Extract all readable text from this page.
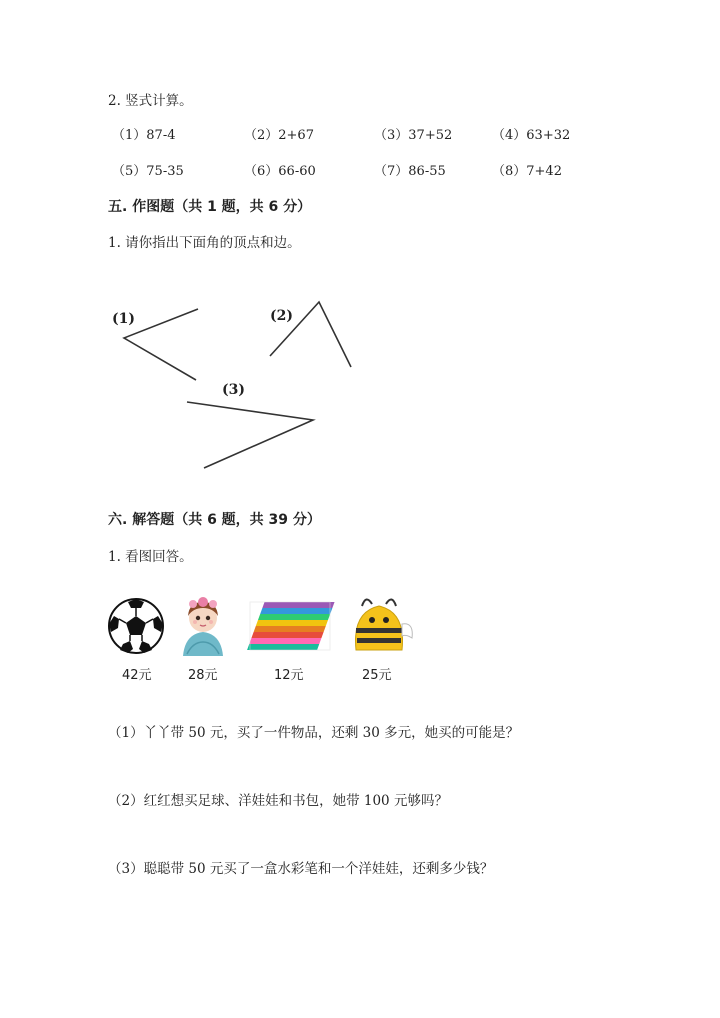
2. 竖式计算。
（1）87-4	（2）2+67	（3）37+52	（4）63+32
（5）75-35	（6）66-60	（7）86-55	（8）7+42
五. 作图题（共 1 题，共 6 分）
1. 请你指出下面角的顶点和边。
(1)	(2)
(3)
六. 解答题（共 6 题，共 39 分）
1. 看图回答。
42元	28元	12元	25元
（1）丫丫带 50 元，买了一件物品，还剩 30 多元，她买的可能是？
（2）红红想买足球、洋娃娃和书包，她带 100 元够吗？
（3）聪聪带 50 元买了一盒水彩笔和一个洋娃娃，还剩多少钱？
